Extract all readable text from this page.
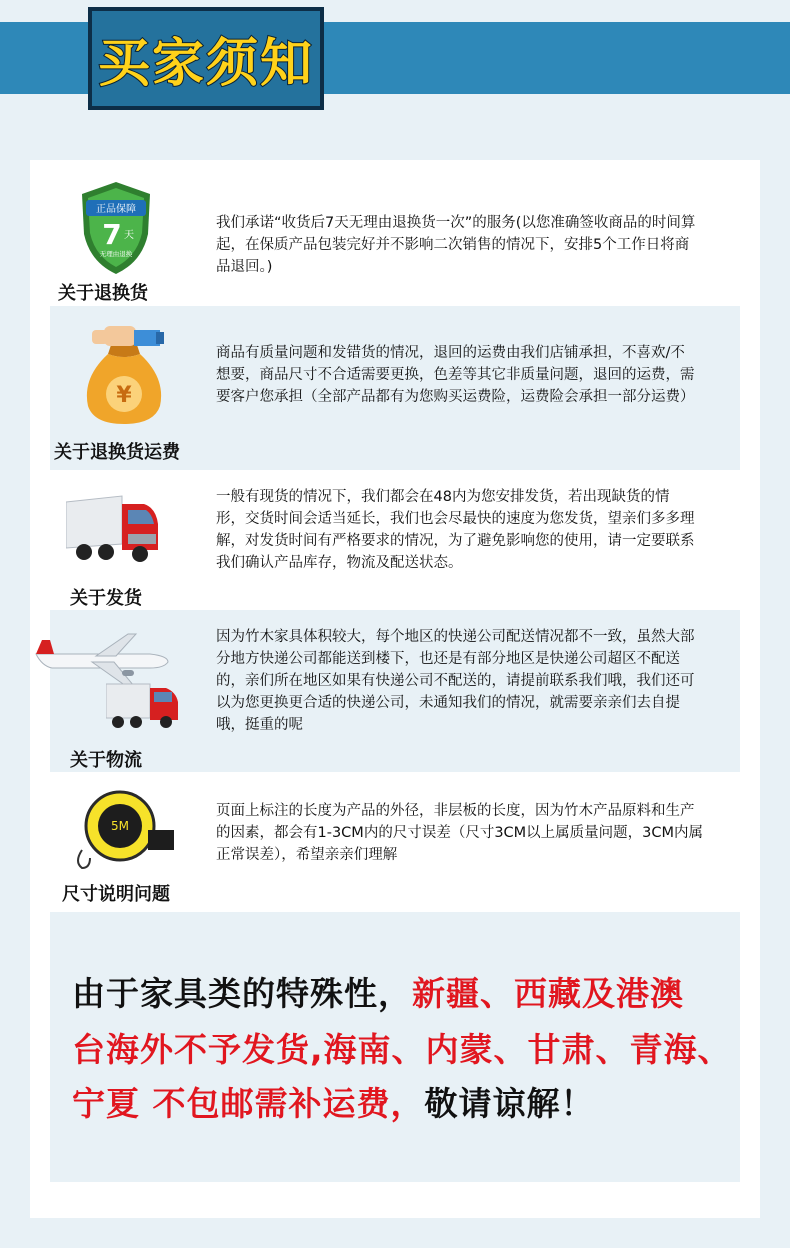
买家须知
正品保障
7 天
无理由退换
关于退换货
我们承诺“收货后7天无理由退换货一次”的服务(以您准确签收商品的时间算起，在保质产品包装完好并不影响二次销售的情况下，安排5个工作日将商品退回。)
¥
关于退换货运费
商品有质量问题和发错货的情况，退回的运费由我们店铺承担，不喜欢/不想要，商品尺寸不合适需要更换，色差等其它非质量问题，退回的运费，需要客户您承担（全部产品都有为您购买运费险，运费险会承担一部分运费）
关于发货
一般有现货的情况下，我们都会在48内为您安排发货，若出现缺货的情形，交货时间会适当延长，我们也会尽最快的速度为您发货，望亲们多多理解，对发货时间有严格要求的情况，为了避免影响您的使用，请一定要联系我们确认产品库存，物流及配送状态。
关于物流
因为竹木家具体积较大，每个地区的快递公司配送情况都不一致，虽然大部分地方快递公司都能送到楼下，也还是有部分地区是快递公司超区不配送的，亲们所在地区如果有快递公司不配送的，请提前联系我们哦，我们还可以为您更换更合适的快递公司，未通知我们的情况，就需要亲亲们去自提哦，挺重的呢
5M
尺寸说明问题
页面上标注的长度为产品的外径，非层板的长度，因为竹木产品原料和生产的因素，都会有1-3CM内的尺寸误差（尺寸3CM以上属质量问题，3CM内属正常误差），希望亲亲们理解
由于家具类的特殊性，新疆、西藏及港澳
台海外不予发货,海南、内蒙、甘肃、青海、
宁夏 不包邮需补运费，敬请谅解！
